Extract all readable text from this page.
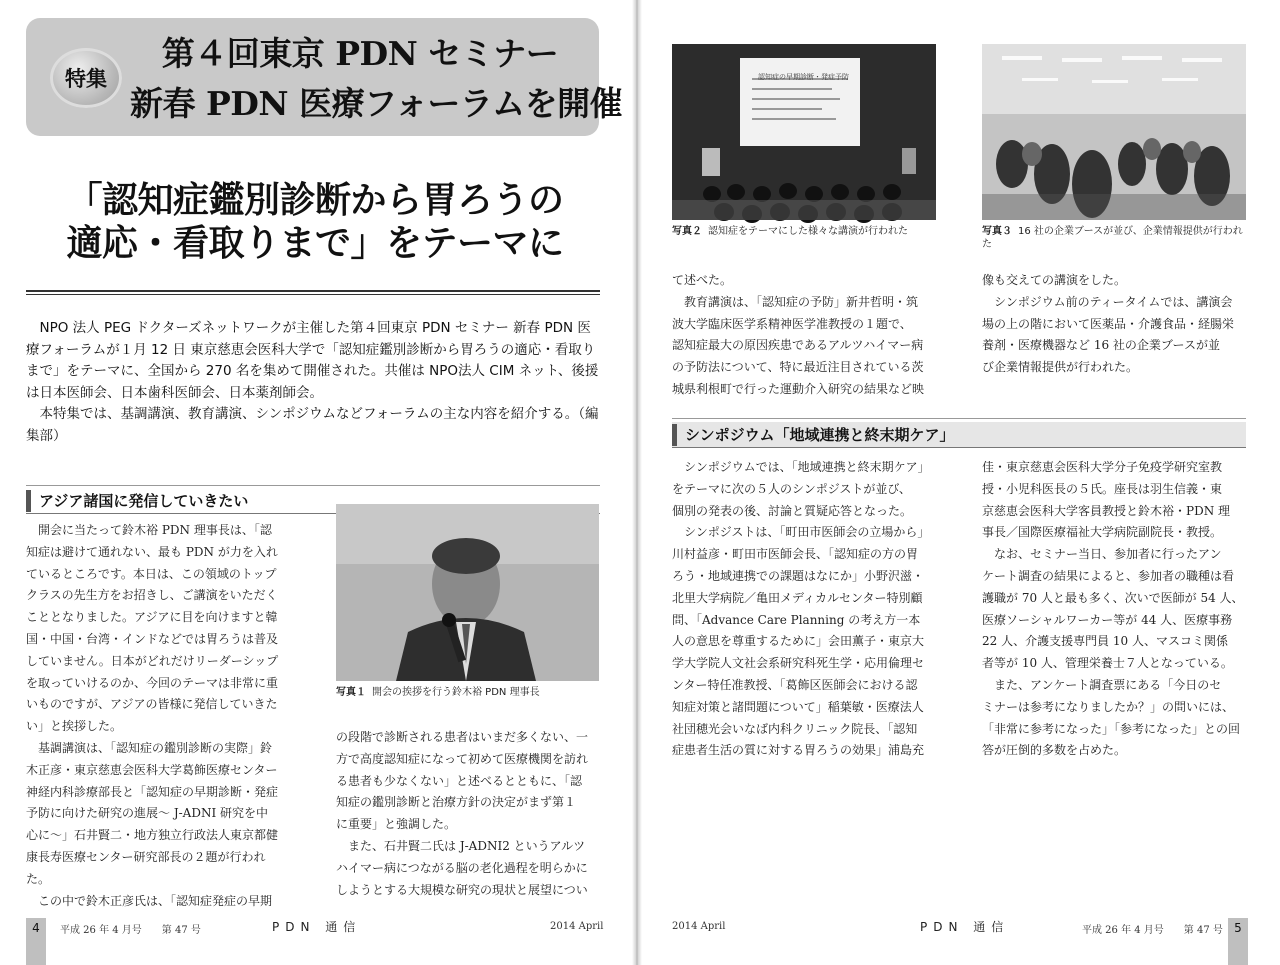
特集
第４回東京 PDN セミナー
新春 PDN 医療フォーラムを開催
「認知症鑑別診断から胃ろうの
適応・看取りまで」をテーマに

NPO 法人 PEG ドクターズネットワークが主催した第４回東京 PDN セミナー 新春 PDN 医療フォーラムが１月 12 日 東京慈恵会医科大学で「認知症鑑別診断から胃ろうの適応・看取りまで」をテーマに、全国から 270 名を集めて開催された。共催は NPO法人 CIM ネット、後援は日本医師会、日本歯科医師会、日本薬剤師会。

本特集では、基調講演、教育講演、シンポジウムなどフォーラムの主な内容を紹介する。（編集部）

アジア諸国に発信していきたい

開会に当たって鈴木裕 PDN 理事長は、「認

知症は避けて通れない、最も PDN が力を入れ

ているところです。本日は、この領域のトップ

クラスの先生方をお招きし、ご講演をいただく

こととなりました。アジアに目を向けますと韓

国・中国・台湾・インドなどでは胃ろうは普及

していません。日本がどれだけリーダーシップ

を取っていけるのか、今回のテーマは非常に重

いものですが、アジアの皆様に発信していきた

い」と挨拶した。

基調講演は、「認知症の鑑別診断の実際」鈴

木正彦・東京慈恵会医科大学葛飾医療センター

神経内科診療部長と「認知症の早期診断・発症

予防に向けた研究の進展～ J-ADNI 研究を中

心に～」石井賢二・地方独立行政法人東京都健

康長寿医療センター研究部長の２題が行われ

た。

この中で鈴木正彦氏は、「認知症発症の早期

写真１ 開会の挨拶を行う鈴木裕 PDN 理事長

の段階で診断される患者はいまだ多くない、一

方で高度認知症になって初めて医療機関を訪れ

る患者も少なくない」と述べるとともに、「認

知症の鑑別診断と治療方針の決定がまず第１

に重要」と強調した。

また、石井賢二氏は J-ADNI2 というアルツ

ハイマー病につながる脳の老化過程を明らかに

しようとする大規模な研究の現状と展望につい

4	平成 26 年 4 月号　　第 47 号	PDN 通信	2014 April
認知症の早期診断・発症予防
写真２ 認知症をテーマにした様々な講演が行われた	写真３ 16 社の企業ブースが並び、企業情報提供が行われた

て述べた。

教育講演は、「認知症の予防」新井哲明・筑

波大学臨床医学系精神医学准教授の１題で、

認知症最大の原因疾患であるアルツハイマー病

の予防法について、特に最近注目されている茨

城県利根町で行った運動介入研究の結果など映

像も交えての講演をした。

シンポジウム前のティータイムでは、講演会

場の上の階において医薬品・介護食品・経腸栄

養剤・医療機器など 16 社の企業ブースが並

び企業情報提供が行われた。

シンポジウム「地域連携と終末期ケア」

シンポジウムでは、「地域連携と終末期ケア」

をテーマに次の５人のシンポジストが並び、

個別の発表の後、討論と質疑応答となった。

シンポジストは、「町田市医師会の立場から」

川村益彦・町田市医師会長、「認知症の方の胃

ろう・地域連携での課題はなにか」小野沢滋・

北里大学病院／亀田メディカルセンター特別顧

問、「Advance Care Planning の考え方一本

人の意思を尊重するために」会田薫子・東京大

学大学院人文社会系研究科死生学・応用倫理セ

ンター特任准教授、「葛飾区医師会における認

知症対策と諸問題について」稲葉敏・医療法人

社団穂光会いなば内科クリニック院長、「認知

症患者生活の質に対する胃ろうの効果」浦島充

佳・東京慈恵会医科大学分子免疫学研究室教

授・小児科医長の５氏。座長は羽生信義・東

京慈恵会医科大学客員教授と鈴木裕・PDN 理

事長／国際医療福祉大学病院副院長・教授。

なお、セミナー当日、参加者に行ったアン

ケート調査の結果によると、参加者の職種は看

護職が 70 人と最も多く、次いで医師が 54 人、

医療ソーシャルワーカー等が 44 人、医療事務

22 人、介護支援専門員 10 人、マスコミ関係

者等が 10 人、管理栄養士７人となっている。

また、アンケート調査票にある「今日のセ

ミナーは参考になりましたか？」の問いには、

「非常に参考になった」「参考になった」との回

答が圧倒的多数を占めた。

2014 April	PDN 通信	平成 26 年 4 月号　　第 47 号 5
